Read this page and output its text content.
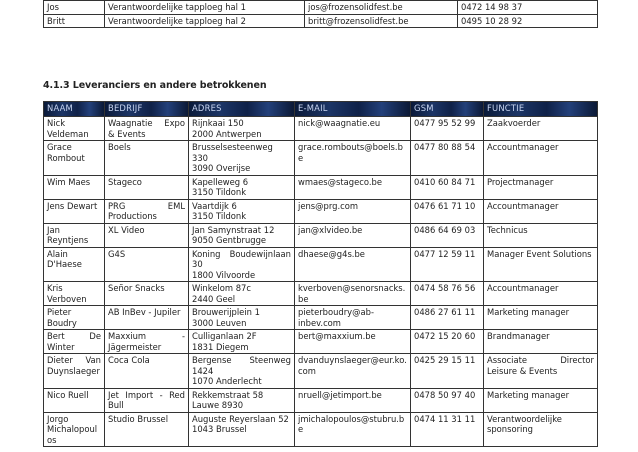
Jos	Verantwoordelijke tapploeg hal 1	jos@frozensolidfest.be	0472 14 98 37
Britt	Verantwoordelijke tapploeg hal 2	britt@frozensolidfest.be	0495 10 28 92
4.1.3 Leveranciers en andere betrokkenen
NAAM	BEDRIJF	ADRES	E-MAIL	GSM	FUNCTIE
Nick Veldeman	Waagnatie Expo & Events	Rijnkaai 150
2000 Antwerpen	nick@waagnatie.eu	0477 95 52 99	Zaakvoerder
Grace Rombout	Boels	Brusselsesteenweg 330
3090 Overijse	grace.rombouts@boels.be	0477 80 88 54	Accountmanager
Wim Maes	Stageco	Kapelleweg 6
3150 Tildonk	wmaes@stageco.be	0410 60 84 71	Projectmanager
Jens Dewart	PRG EML Productions	Vaartdijk 6
3150 Tildonk	jens@prg.com	0476 61 71 10	Accountmanager
Jan Reyntjens	XL Video	Jan Samynstraat 12
9050 Gentbrugge	jan@xlvideo.be	0486 64 69 03	Technicus
Alain D'Haese	G4S	Koning Boudewijnlaan 30
1800 Vilvoorde	dhaese@g4s.be	0477 12 59 11	Manager Event Solutions
Kris Verboven	Señor Snacks	Winkelom 87c
2440 Geel	kverboven@senorsnacks.be	0474 58 76 56	Accountmanager
Pieter Boudry	AB InBev - Jupiler	Brouwerijplein 1
3000 Leuven	pieterboudry@ab-inbev.com	0486 27 61 11	Marketing manager
Bert De Winter	Maxxium - Jägermeister	Culliganlaan 2F
1831 Diegem	bert@maxxium.be	0472 15 20 60	Brandmanager
Dieter Van Duynslaeger	Coca Cola	Bergense Steenweg 1424
1070 Anderlecht	dvanduynslaeger@eur.ko.com	0425 29 15 11	Associate Director Leisure & Events
Nico Ruell	Jet Import - Red Bull	Rekkemstraat 58
Lauwe 8930	nruell@jetimport.be	0478 50 97 40	Marketing manager
Jorgo Michalopoulos	Studio Brussel	Auguste Reyerslaan 52
1043 Brussel	jmichalopoulos@stubru.be	0474 11 31 11	Verantwoordelijke sponsoring
